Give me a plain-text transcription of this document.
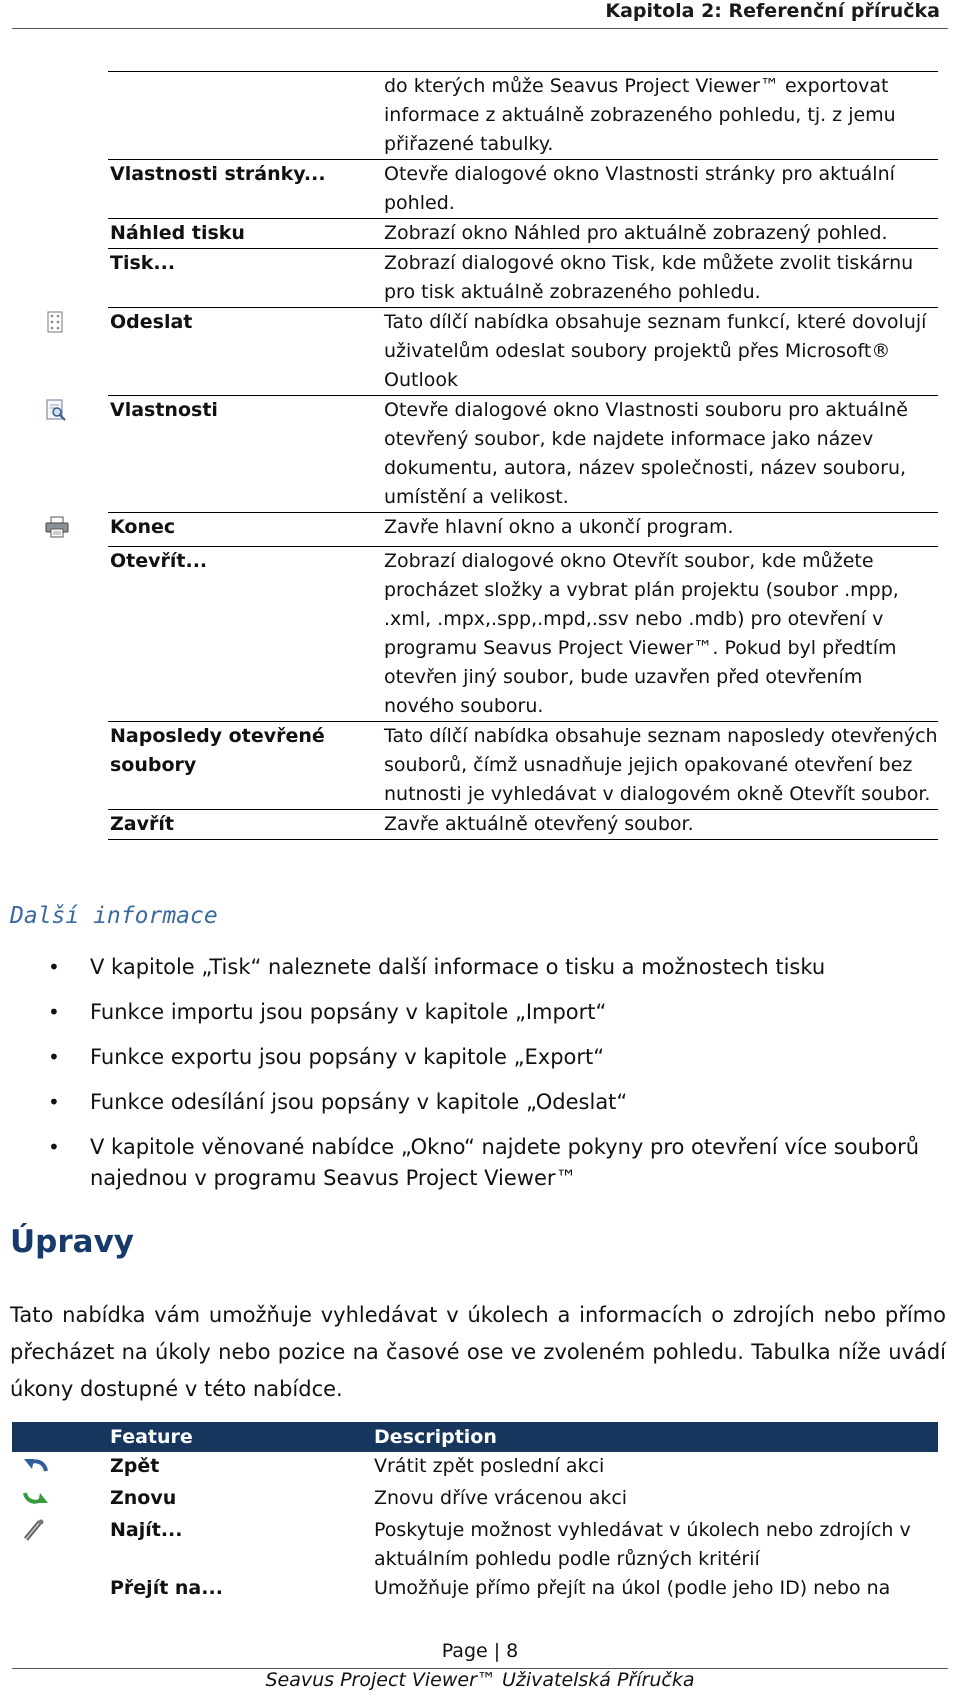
Kapitola 2: Referenční příručka
		do kterých může Seavus Project Viewer™ exportovat informace z aktuálně zobrazeného pohledu, tj. z jemu přiřazené tabulky.
	Vlastnosti stránky...	Otevře dialogové okno Vlastnosti stránky pro aktuální pohled.
	Náhled tisku	Zobrazí okno Náhled pro aktuálně zobrazený pohled.
	Tisk...	Zobrazí dialogové okno Tisk, kde můžete zvolit tiskárnu pro tisk aktuálně zobrazeného pohledu.
	Odeslat	Tato dílčí nabídka obsahuje seznam funkcí, které dovolují uživatelům odeslat soubory projektů přes Microsoft® Outlook
	Vlastnosti	Otevře dialogové okno Vlastnosti souboru pro aktuálně otevřený soubor, kde najdete informace jako název dokumentu, autora, název společnosti, název souboru, umístění a velikost.
	Konec	Zavře hlavní okno a ukončí program.
	Otevřít...	Zobrazí dialogové okno Otevřít soubor, kde můžete procházet složky a vybrat plán projektu (soubor .mpp, .xml, .mpx,.spp,.mpd,.ssv nebo .mdb) pro otevření v programu Seavus Project Viewer™. Pokud byl předtím otevřen jiný soubor, bude uzavřen před otevřením nového souboru.
	Naposledy otevřené soubory	Tato dílčí nabídka obsahuje seznam naposledy otevřených souborů, čímž usnadňuje jejich opakované otevření bez nutnosti je vyhledávat v dialogovém okně Otevřít soubor.
	Zavřít	Zavře aktuálně otevřený soubor.
Další informace
• V kapitole „Tisk“ naleznete další informace o tisku a možnostech tisku
• Funkce importu jsou popsány v kapitole „Import“
• Funkce exportu jsou popsány v kapitole „Export“
• Funkce odesílání jsou popsány v kapitole „Odeslat“
• V kapitole věnované nabídce „Okno“ najdete pokyny pro otevření více souborů najednou v programu Seavus Project Viewer™
Úpravy
Tato nabídka vám umožňuje vyhledávat v úkolech a informacích o zdrojích nebo přímo přecházet na úkoly nebo pozice na časové ose ve zvoleném pohledu. Tabulka níže uvádí úkony dostupné v této nabídce.
	Feature	Description
	Zpět	Vrátit zpět poslední akci
	Znovu	Znovu dříve vrácenou akci
	Najít...	Poskytuje možnost vyhledávat v úkolech nebo zdrojích v aktuálním pohledu podle různých kritérií
	Přejít na...	Umožňuje přímo přejít na úkol (podle jeho ID) nebo na
Page | 8
Seavus Project Viewer™ Uživatelská Příručka
